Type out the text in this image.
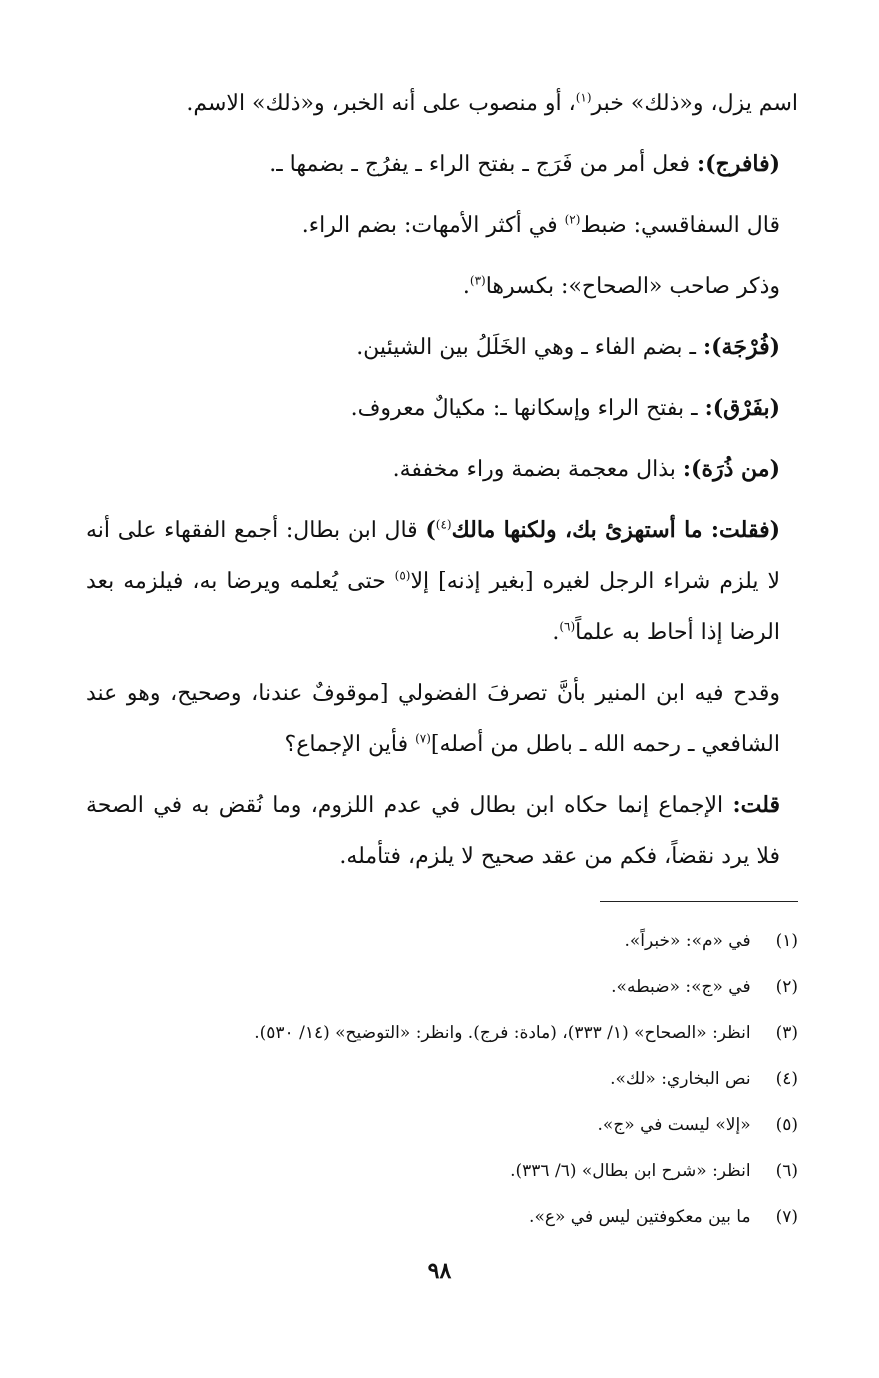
اسم يزل، و«ذلك» خبر$^{(١)}$، أو منصوب على أنه الخبر، و«ذلك» الاسم.

(فافرج): فعل أمر من فَرَج ـ بفتح الراء ـ يفرُج ـ بضمها ـ.

قال السفاقسي: ضبط$^{(٢)}$ في أكثر الأمهات: بضم الراء.

وذكر صاحب «الصحاح»: بكسرها$^{(٣)}$.

(فُرْجَة): ـ بضم الفاء ـ وهي الخَلَلُ بين الشيئين.

(بفَرْق): ـ بفتح الراء وإسكانها ـ: مكيالٌ معروف.

(من ذُرَة): بذال معجمة بضمة وراء مخففة.

(فقلت: ما أستهزئ بك، ولكنها مالك$^{(٤)}$) قال ابن بطال: أجمع الفقهاء على أنه لا يلزم شراء الرجل لغيره [بغير إذنه] إلا$^{(٥)}$ حتى يُعلمه ويرضا به، فيلزمه بعد الرضا إذا أحاط به علماً$^{(٦)}$.

وقدح فيه ابن المنير بأنَّ تصرفَ الفضولي [موقوفٌ عندنا، وصحيح، وهو عند الشافعي ـ رحمه الله ـ باطل من أصله]$^{(٧)}$ فأين الإجماع؟

قلت: الإجماع إنما حكاه ابن بطال في عدم اللزوم، وما نُقض به في الصحة فلا يرد نقضاً، فكم من عقد صحيح لا يلزم، فتأمله.

(١) في «م»: «خبراً».
(٢) في «ج»: «ضبطه».
(٣) انظر: «الصحاح» (١/ ٣٣٣)، (مادة: فرج). وانظر: «التوضيح» (١٤/ ٥٣٠).
(٤) نص البخاري: «لك».
(٥) «إلا» ليست في «ج».
(٦) انظر: «شرح ابن بطال» (٦/ ٣٣٦).
(٧) ما بين معكوفتين ليس في «ع».
٩٨
